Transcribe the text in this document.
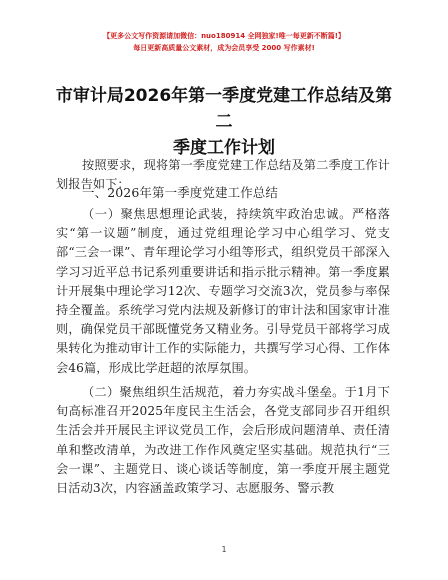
【更多公文写作资源请加微信：nuo180914 全网独家!唯一每更新不断篇!】
每日更新高质量公文素材，成为会员享受 2000 写作素材!
市审计局2026年第一季度党建工作总结及第二
季度工作计划
按照要求，现将第一季度党建工作总结及第二季度工作计划报告如下：
一、2026年第一季度党建工作总结
（一）聚焦思想理论武装，持续筑牢政治忠诚。严格落实“第一议题”制度，通过党组理论学习中心组学习、党支部“三会一课”、青年理论学习小组等形式，组织党员干部深入学习习近平总书记系列重要讲话和指示批示精神。第一季度累计开展集中理论学习12次、专题学习交流3次，党员参与率保持全覆盖。系统学习党内法规及新修订的审计法和国家审计准则，确保党员干部既懂党务又精业务。引导党员干部将学习成果转化为推动审计工作的实际能力，共撰写学习心得、工作体会46篇，形成比学赶超的浓厚氛围。
（二）聚焦组织生活规范，着力夯实战斗堡垒。于1月下旬高标准召开2025年度民主生活会，各党支部同步召开组织生活会并开展民主评议党员工作，会后形成问题清单、责任清单和整改清单，为改进工作作风奠定坚实基础。规范执行“三会一课”、主题党日、谈心谈话等制度，第一季度开展主题党日活动3次，内容涵盖政策学习、志愿服务、警示教
1
